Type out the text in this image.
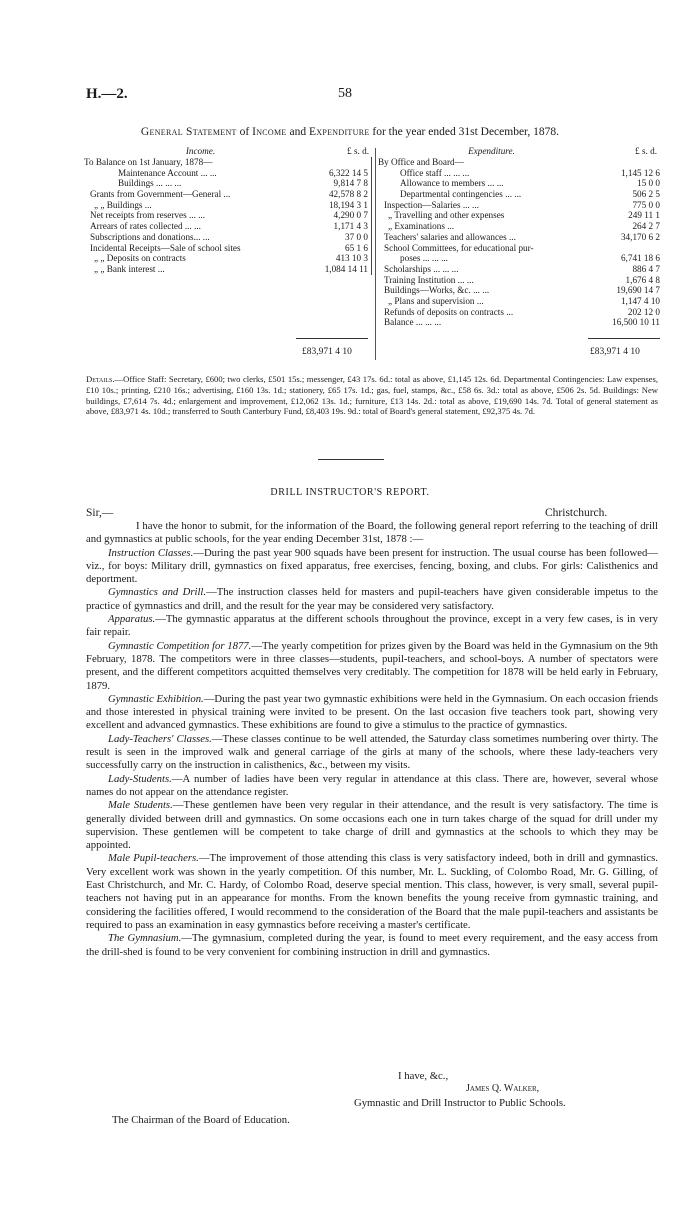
H.—2.	58
General Statement of Income and Expenditure for the year ended 31st December, 1878.
Income.	£ s. d.
To Balance on 1st January, 1878—
Maintenance Account ... ...	6,322 14 5
Buildings ... ... ...	9,814 7 8
Grants from Government—General ...	42,578 8 2
„ „ Buildings ...	18,194 3 1
Net receipts from reserves ... ...	4,290 0 7
Arrears of rates collected ... ...	1,171 4 3
Subscriptions and donations... ...	37 0 0
Incidental Receipts—Sale of school sites	65 1 6
„ „ Deposits on contracts	413 10 3
„ „ Bank interest ...	1,084 14 11
Expenditure.	£ s. d.
By Office and Board—
Office staff ... ... ...	1,145 12 6
Allowance to members ... ...	15 0 0
Departmental contingencies ... ...	506 2 5
Inspection—Salaries ... ...	775 0 0
„ Travelling and other expenses	249 11 1
„ Examinations ...	264 2 7
Teachers' salaries and allowances ...	34,170 6 2
School Committees, for educational pur-
poses ... ... ...	6,741 18 6
Scholarships ... ... ...	886 4 7
Training Institution ... ...	1,676 4 8
Buildings—Works, &c. ... ...	19,690 14 7
„ Plans and supervision ...	1,147 4 10
Refunds of deposits on contracts ...	202 12 0
Balance ... ... ...	16,500 10 11
£83,971 4 10	£83,971 4 10
Details.—Office Staff: Secretary, £600; two clerks, £501 15s.; messenger, £43 17s. 6d.: total as above, £1,145 12s. 6d. Departmental Contingencies: Law expenses, £10 10s.; printing, £210 16s.; advertising, £160 13s. 1d.; stationery, £65 17s. 1d.; gas, fuel, stamps, &c., £58 6s. 3d.: total as above, £506 2s. 5d. Buildings: New buildings, £7,614 7s. 4d.; enlargement and improvement, £12,062 13s. 1d.; furniture, £13 14s. 2d.: total as above, £19,690 14s. 7d. Total of general statement as above, £83,971 4s. 10d.; transferred to South Canterbury Fund, £8,403 19s. 9d.: total of Board's general statement, £92,375 4s. 7d.
DRILL INSTRUCTOR'S REPORT.
Sir,—	Christchurch.

I have the honor to submit, for the information of the Board, the following general report referring to the teaching of drill and gymnastics at public schools, for the year ending December 31st, 1878 :—

Instruction Classes.—During the past year 900 squads have been present for instruction. The usual course has been followed—viz., for boys: Military drill, gymnastics on fixed apparatus, free exercises, fencing, boxing, and clubs. For girls: Calisthenics and deportment.

Gymnastics and Drill.—The instruction classes held for masters and pupil-teachers have given considerable impetus to the practice of gymnastics and drill, and the result for the year may be considered very satisfactory.

Apparatus.—The gymnastic apparatus at the different schools throughout the province, except in a very few cases, is in very fair repair.

Gymnastic Competition for 1877.—The yearly competition for prizes given by the Board was held in the Gymnasium on the 9th February, 1878. The competitors were in three classes—students, pupil-teachers, and school-boys. A number of spectators were present, and the different competitors acquitted themselves very creditably. The competition for 1878 will be held early in February, 1879.

Gymnastic Exhibition.—During the past year two gymnastic exhibitions were held in the Gymnasium. On each occasion friends and those interested in physical training were invited to be present. On the last occasion five teachers took part, showing very excellent and advanced gymnastics. These exhibitions are found to give a stimulus to the practice of gymnastics.

Lady-Teachers' Classes.—These classes continue to be well attended, the Saturday class sometimes numbering over thirty. The result is seen in the improved walk and general carriage of the girls at many of the schools, where these lady-teachers very successfully carry on the instruction in calisthenics, &c., between my visits.

Lady-Students.—A number of ladies have been very regular in attendance at this class. There are, however, several whose names do not appear on the attendance register.

Male Students.—These gentlemen have been very regular in their attendance, and the result is very satisfactory. The time is generally divided between drill and gymnastics. On some occasions each one in turn takes charge of the squad for drill under my supervision. These gentlemen will be competent to take charge of drill and gymnastics at the schools to which they may be appointed.

Male Pupil-teachers.—The improvement of those attending this class is very satisfactory indeed, both in drill and gymnastics. Very excellent work was shown in the yearly competition. Of this number, Mr. L. Suckling, of Colombo Road, Mr. G. Gilling, of East Christchurch, and Mr. C. Hardy, of Colombo Road, deserve special mention. This class, however, is very small, several pupil-teachers not having put in an appearance for months. From the known benefits the young receive from gymnastic training, and considering the facilities offered, I would recommend to the consideration of the Board that the male pupil-teachers and assistants be required to pass an examination in easy gymnastics before receiving a master's certificate.

The Gymnasium.—The gymnasium, completed during the year, is found to meet every requirement, and the easy access from the drill-shed is found to be very convenient for combining instruction in drill and gymnastics.

I have, &c.,
James Q. Walker,
Gymnastic and Drill Instructor to Public Schools.
The Chairman of the Board of Education.
